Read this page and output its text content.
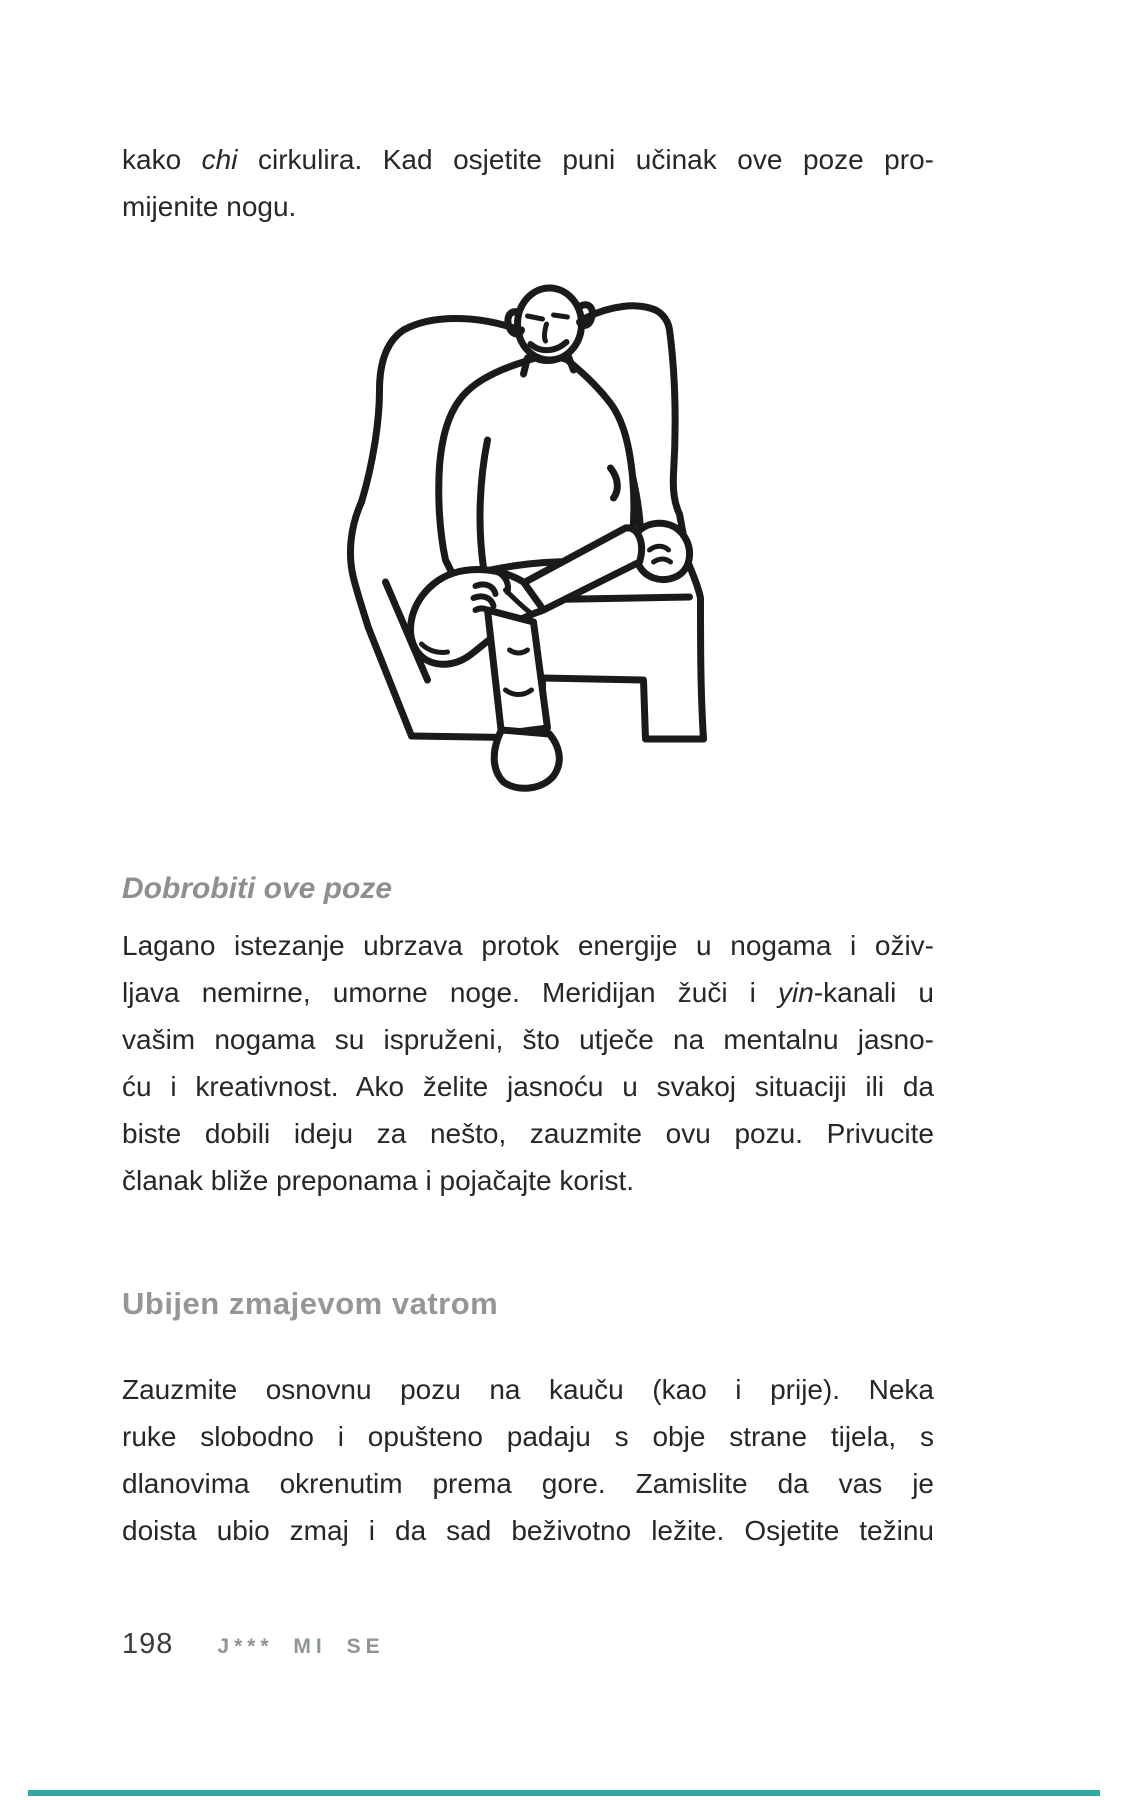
kako chi cirkulira. Kad osjetite puni učinak ove poze pro-
mijenite nogu.
Dobrobiti ove poze
Lagano istezanje ubrzava protok energije u nogama i oživ-
ljava nemirne, umorne noge. Meridijan žuči i yin-kanali u
vašim nogama su ispruženi, što utječe na mentalnu jasno-
ću i kreativnost. Ako želite jasnoću u svakoj situaciji ili da
biste dobili ideju za nešto, zauzmite ovu pozu. Privucite
članak bliže preponama i pojačajte korist.
Ubijen zmajevom vatrom
Zauzmite osnovnu pozu na kauču (kao i prije). Neka
ruke slobodno i opušteno padaju s obje strane tijela, s
dlanovima okrenutim prema gore. Zamislite da vas je
doista ubio zmaj i da sad beživotno ležite. Osjetite težinu
198 J*** MI SE
